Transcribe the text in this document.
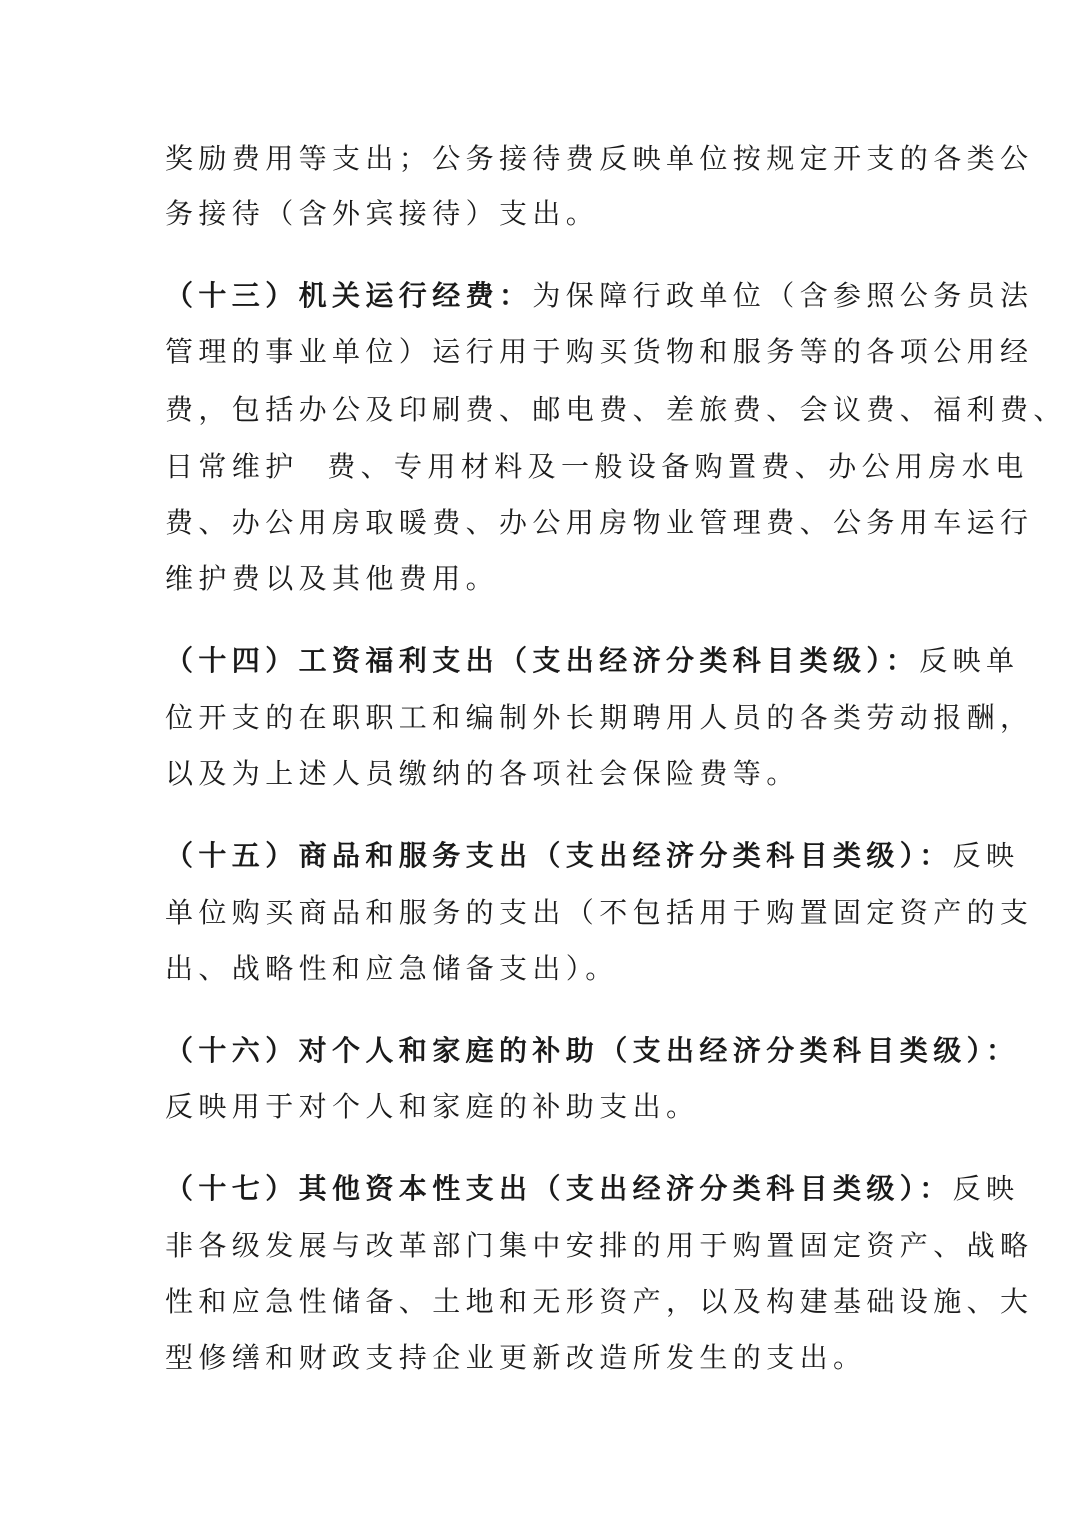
奖励费用等支出；公务接待费反映单位按规定开支的各类公
务接待（含外宾接待）支出。
（十三）机关运行经费：为保障行政单位（含参照公务员法
管理的事业单位）运行用于购买货物和服务等的各项公用经
费，包括办公及印刷费、邮电费、差旅费、会议费、福利费、
日常维护  费、专用材料及一般设备购置费、办公用房水电
费、办公用房取暖费、办公用房物业管理费、公务用车运行
维护费以及其他费用。
（十四）工资福利支出（支出经济分类科目类级）：反映单
位开支的在职职工和编制外长期聘用人员的各类劳动报酬，
以及为上述人员缴纳的各项社会保险费等。
（十五）商品和服务支出（支出经济分类科目类级）：反映
单位购买商品和服务的支出（不包括用于购置固定资产的支
出、战略性和应急储备支出）。
（十六）对个人和家庭的补助（支出经济分类科目类级）：
反映用于对个人和家庭的补助支出。
（十七）其他资本性支出（支出经济分类科目类级）：反映
非各级发展与改革部门集中安排的用于购置固定资产、战略
性和应急性储备、土地和无形资产，以及构建基础设施、大
型修缮和财政支持企业更新改造所发生的支出。
